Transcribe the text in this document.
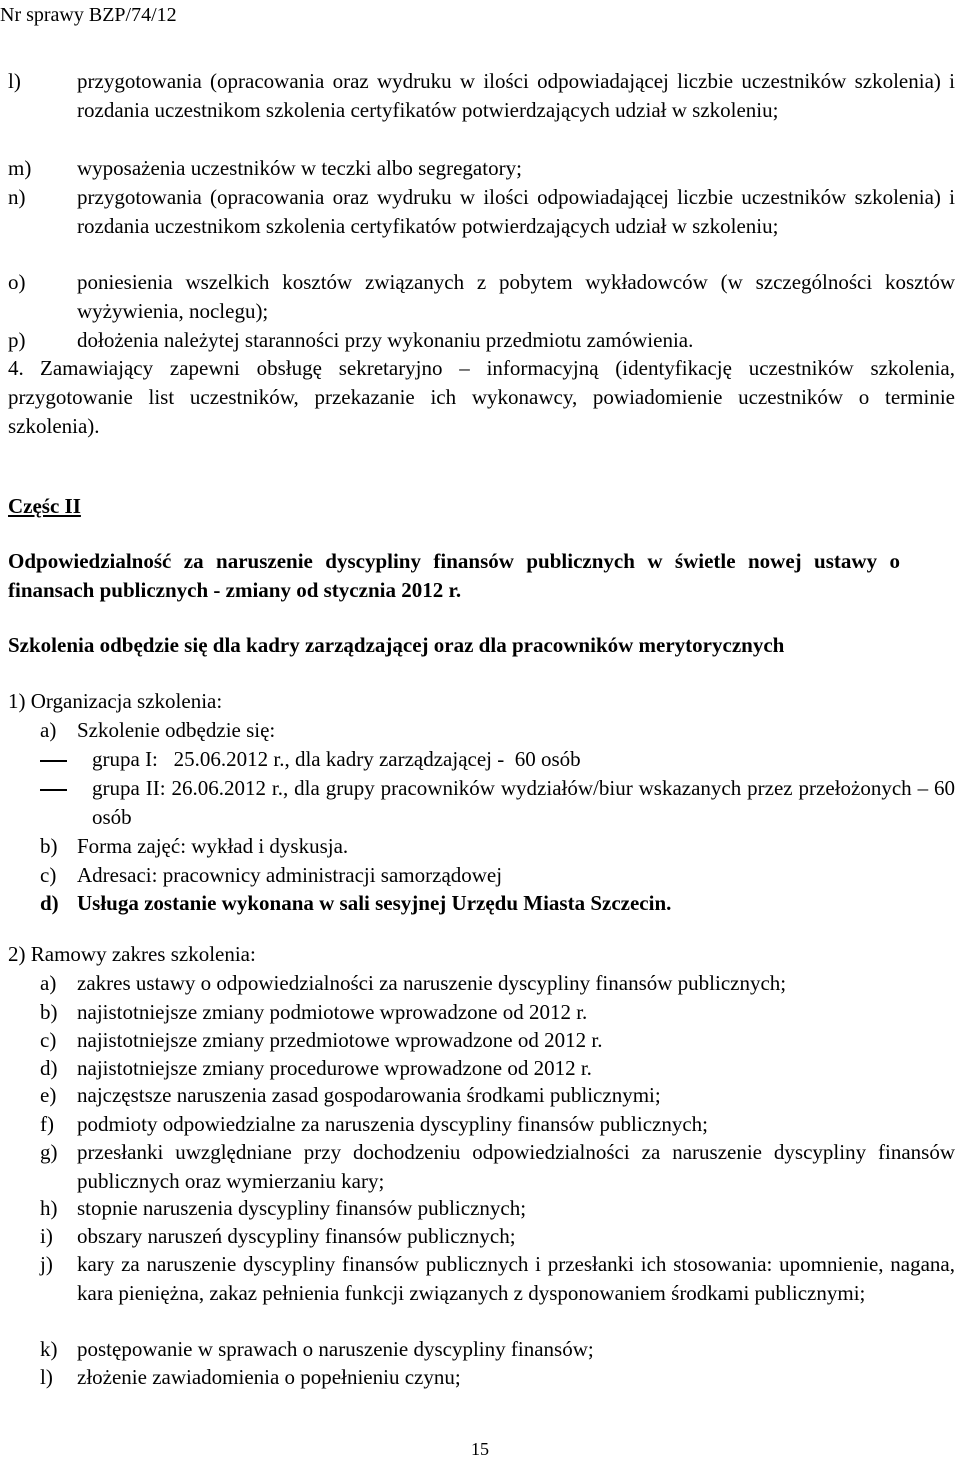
Nr sprawy BZP/74/12
l)	przygotowania (opracowania oraz wydruku w ilości odpowiadającej liczbie uczestników szkolenia) i rozdania uczestnikom szkolenia certyfikatów potwierdzających udział w szkoleniu;
m) wyposażenia uczestników w teczki albo segregatory;
n) przygotowania (opracowania oraz wydruku w ilości odpowiadającej liczbie uczestników szkolenia) i rozdania uczestnikom szkolenia certyfikatów potwierdzających udział w szkoleniu;
o) poniesienia wszelkich kosztów związanych z pobytem wykładowców (w szczególności kosztów wyżywienia, noclegu);
p) dołożenia należytej staranności przy wykonaniu przedmiotu zamówienia.
4. Zamawiający zapewni obsługę sekretaryjno – informacyjną (identyfikację uczestników szkolenia, przygotowanie list uczestników, przekazanie ich wykonawcy, powiadomienie uczestników o terminie szkolenia).
Częśc II
Odpowiedzialność za naruszenie dyscypliny finansów publicznych w świetle nowej ustawy o finansach publicznych - zmiany od stycznia 2012 r.
Szkolenia odbędzie się dla kadry zarządzającej oraz dla pracowników merytorycznych
1) Organizacja szkolenia:
a) Szkolenie odbędzie się:
grupa I:   25.06.2012 r., dla kadry zarządzającej -  60 osób
grupa II: 26.06.2012 r., dla grupy pracowników wydziałów/biur wskazanych przez przełożonych – 60 osób
b) Forma zajęć: wykład i dyskusja.
c) Adresaci: pracownicy administracji samorządowej
d) Usługa zostanie wykonana w sali sesyjnej Urzędu Miasta Szczecin.
2) Ramowy zakres szkolenia:
a) zakres ustawy o odpowiedzialności za naruszenie dyscypliny finansów publicznych;
b) najistotniejsze zmiany podmiotowe wprowadzone od 2012 r.
c) najistotniejsze zmiany przedmiotowe wprowadzone od 2012 r.
d) najistotniejsze zmiany procedurowe wprowadzone od 2012 r.
e) najczęstsze naruszenia zasad gospodarowania środkami publicznymi;
f) podmioty odpowiedzialne za naruszenia dyscypliny finansów publicznych;
g) przesłanki uwzględniane przy dochodzeniu odpowiedzialności za naruszenie dyscypliny finansów publicznych oraz wymierzaniu kary;
h) stopnie naruszenia dyscypliny finansów publicznych;
i) obszary naruszeń dyscypliny finansów publicznych;
j) kary za naruszenie dyscypliny finansów publicznych i przesłanki ich stosowania: upomnienie, nagana, kara pieniężna, zakaz pełnienia funkcji związanych z dysponowaniem środkami publicznymi;
k) postępowanie w sprawach o naruszenie dyscypliny finansów;
l) złożenie zawiadomienia o popełnieniu czynu;
15
